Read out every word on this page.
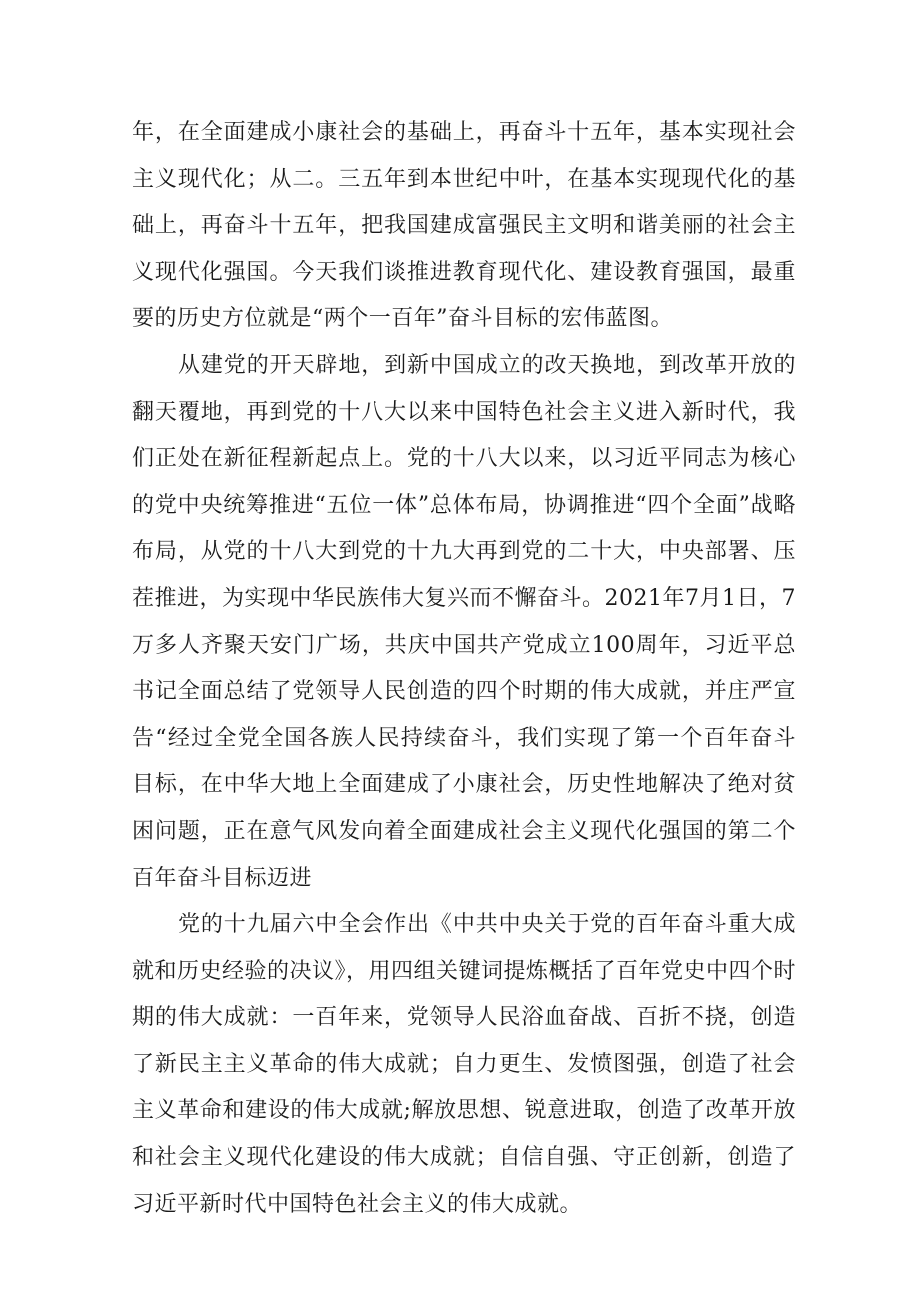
年，在全面建成小康社会的基础上，再奋斗十五年，基本实现社会主义现代化；从二。三五年到本世纪中叶，在基本实现现代化的基础上，再奋斗十五年，把我国建成富强民主文明和谐美丽的社会主义现代化强国。今天我们谈推进教育现代化、建设教育强国，最重要的历史方位就是“两个一百年”奋斗目标的宏伟蓝图。

从建党的开天辟地，到新中国成立的改天换地，到改革开放的翻天覆地，再到党的十八大以来中国特色社会主义进入新时代，我们正处在新征程新起点上。党的十八大以来，以习近平同志为核心的党中央统筹推进“五位一体”总体布局，协调推进“四个全面”战略布局，从党的十八大到党的十九大再到党的二十大，中央部署、压茬推进，为实现中华民族伟大复兴而不懈奋斗。2021年7月1日，7万多人齐聚天安门广场，共庆中国共产党成立100周年，习近平总书记全面总结了党领导人民创造的四个时期的伟大成就，并庄严宣告“经过全党全国各族人民持续奋斗，我们实现了第一个百年奋斗目标，在中华大地上全面建成了小康社会，历史性地解决了绝对贫困问题，正在意气风发向着全面建成社会主义现代化强国的第二个百年奋斗目标迈进

党的十九届六中全会作出《中共中央关于党的百年奋斗重大成就和历史经验的决议》，用四组关键词提炼概括了百年党史中四个时期的伟大成就：一百年来，党领导人民浴血奋战、百折不挠，创造了新民主主义革命的伟大成就；自力更生、发愤图强，创造了社会主义革命和建设的伟大成就;解放思想、锐意进取，创造了改革开放和社会主义现代化建设的伟大成就；自信自强、守正创新，创造了习近平新时代中国特色社会主义的伟大成就。
